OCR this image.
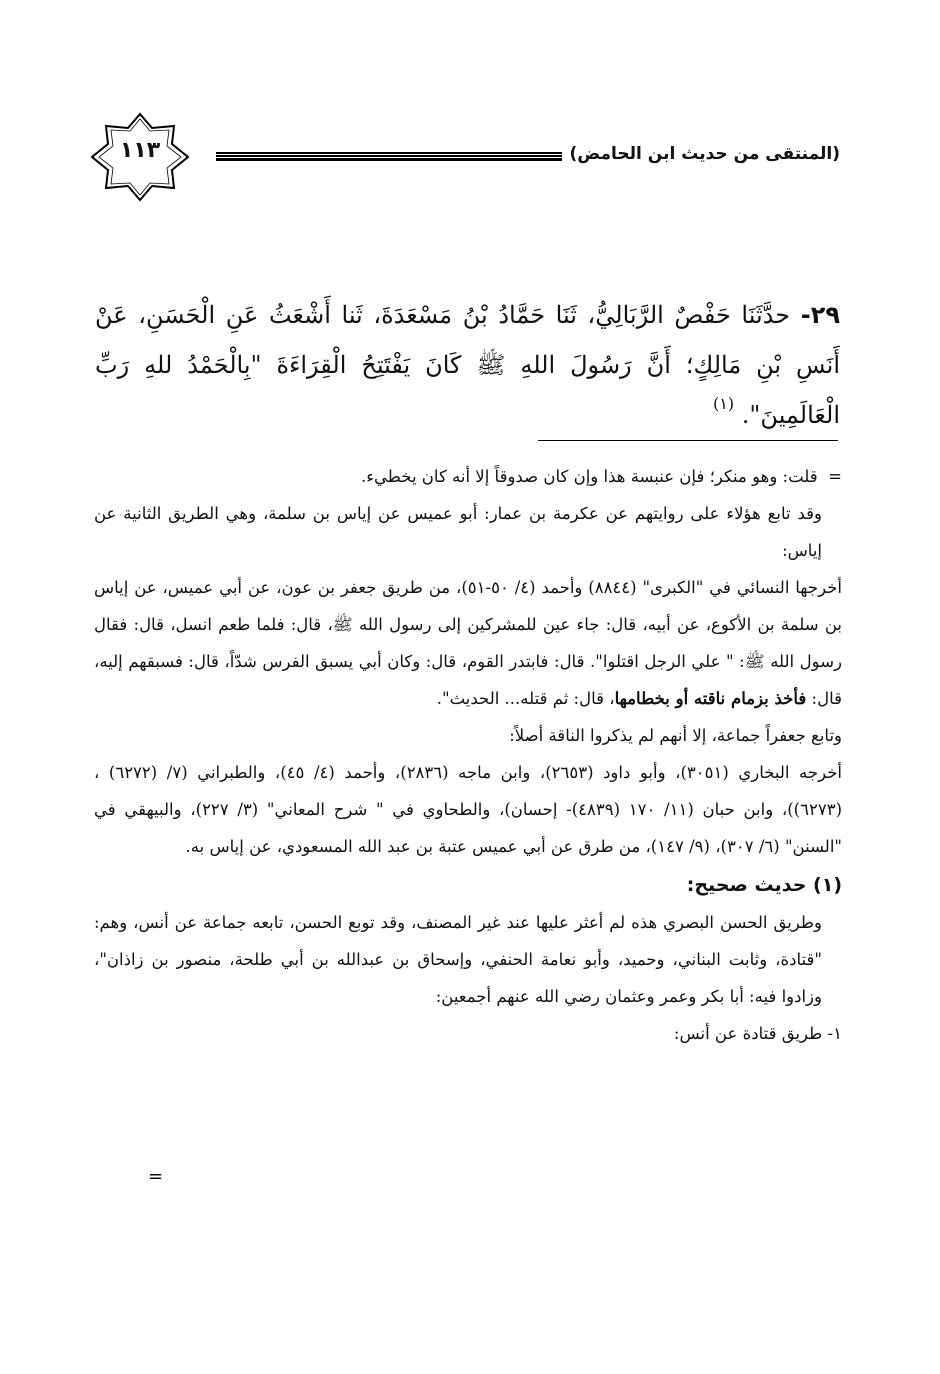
(المنتقى من حديث ابن الحامض)
١١٣
٢٩- حدَّثَنَا حَفْصٌ الرَّبَالِيُّ، ثَنَا حَمَّادُ بْنُ مَسْعَدَةَ، ثَنا أَشْعَثُ عَنِ الْحَسَنِ، عَنْ أَنَسِ بْنِ مَالِكٍ؛ أَنَّ رَسُولَ اللهِ ﷺ كَانَ يَفْتَتِحُ الْقِرَاءَةَ "بِالْحَمْدُ للهِ رَبِّ الْعَالَمِينَ". $^{(١)}$

=  قلت: وهو منكر؛ فإن عنبسة هذا وإن كان صدوقاً إلا أنه كان يخطيء.

وقد تابع هؤلاء على روايتهم عن عكرمة بن عمار: أبو عميس عن إياس بن سلمة، وهي الطريق الثانية عن إياس:

أخرجها النسائي في "الكبرى" (٨٨٤٤) وأحمد (٤/ ٥٠-٥١)، من طريق جعفر بن عون، عن أبي عميس، عن إياس بن سلمة بن الأكوع، عن أبيه، قال: جاء عين للمشركين إلى رسول الله ﷺ، قال: فلما طعم انسل، قال: فقال رسول الله ﷺ: " علي الرجل اقتلوا". قال: فابتدر القوم، قال: وكان أبي يسبق الفرس شدّاً، قال: فسبقهم إليه، قال: فأخذ بزمام ناقته أو بخطامها، قال: ثم قتله... الحديث".

وتابع جعفراً جماعة، إلا أنهم لم يذكروا الناقة أصلاً:

أخرجه البخاري (٣٠٥١)، وأبو داود (٢٦٥٣)، وابن ماجه (٢٨٣٦)، وأحمد (٤/ ٤٥)، والطبراني (٧/ (٦٢٧٢) ، (٦٢٧٣))، وابن حبان (١١/ ١٧٠ (٤٨٣٩)- إحسان)، والطحاوي في " شرح المعاني" (٣/ ٢٢٧)، والبيهقي في "السنن" (٦/ ٣٠٧)، (٩/ ١٤٧)، من طرق عن أبي عميس عتبة بن عبد الله المسعودي، عن إياس به.

(١) حديث صحيح:

وطريق الحسن البصري هذه لم أعثر عليها عند غير المصنف، وقد توبع الحسن، تابعه جماعة عن أنس، وهم: "قتادة، وثابت البناني، وحميد، وأبو نعامة الحنفي، وإسحاق بن عبدالله بن أبي طلحة، منصور بن زاذان"، وزادوا فيه: أبا بكر وعمر وعثمان رضي الله عنهم أجمعين:

١- طريق قتادة عن أنس:

=
